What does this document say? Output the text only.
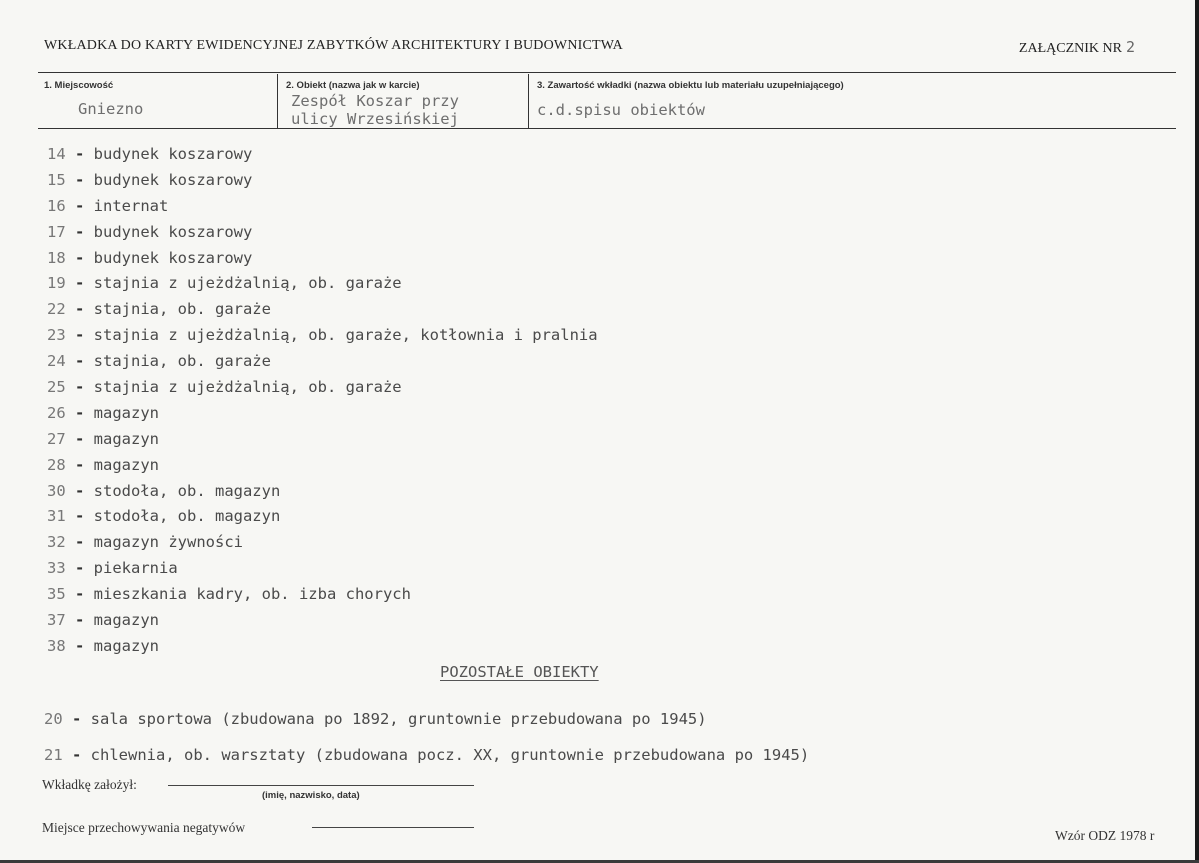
WKŁADKA DO KARTY EWIDENCYJNEJ ZABYTKÓW ARCHITEKTURY I BUDOWNICTWA	ZAŁĄCZNIK NR 2
1. Miejscowość
Gniezno
2. Obiekt (nazwa jak w karcie)
Zespół Koszar przy
ulicy Wrzesińskiej
3. Zawartość wkładki (nazwa obiektu lub materiału uzupełniającego)
c.d.spisu obiektów
14 - budynek koszarowy
15 - budynek koszarowy
16 - internat
17 - budynek koszarowy
18 - budynek koszarowy
19 - stajnia z ujeżdżalnią, ob. garaże
22 - stajnia, ob. garaże
23 - stajnia z ujeżdżalnią, ob. garaże, kotłownia i pralnia
24 - stajnia, ob. garaże
25 - stajnia z ujeżdżalnią, ob. garaże
26 - magazyn
27 - magazyn
28 - magazyn
30 - stodoła, ob. magazyn
31 - stodoła, ob. magazyn
32 - magazyn żywności
33 - piekarnia
35 - mieszkania kadry, ob. izba chorych
37 - magazyn
38 - magazyn
POZOSTAŁE OBIEKTY
20 - sala sportowa (zbudowana po 1892, gruntownie przebudowana po 1945)
21 - chlewnia, ob. warsztaty (zbudowana pocz. XX, gruntownie przebudowana po 1945)
Wkładkę założył:
(imię, nazwisko, data)
Miejsce przechowywania negatywów
Wzór ODZ 1978 r
